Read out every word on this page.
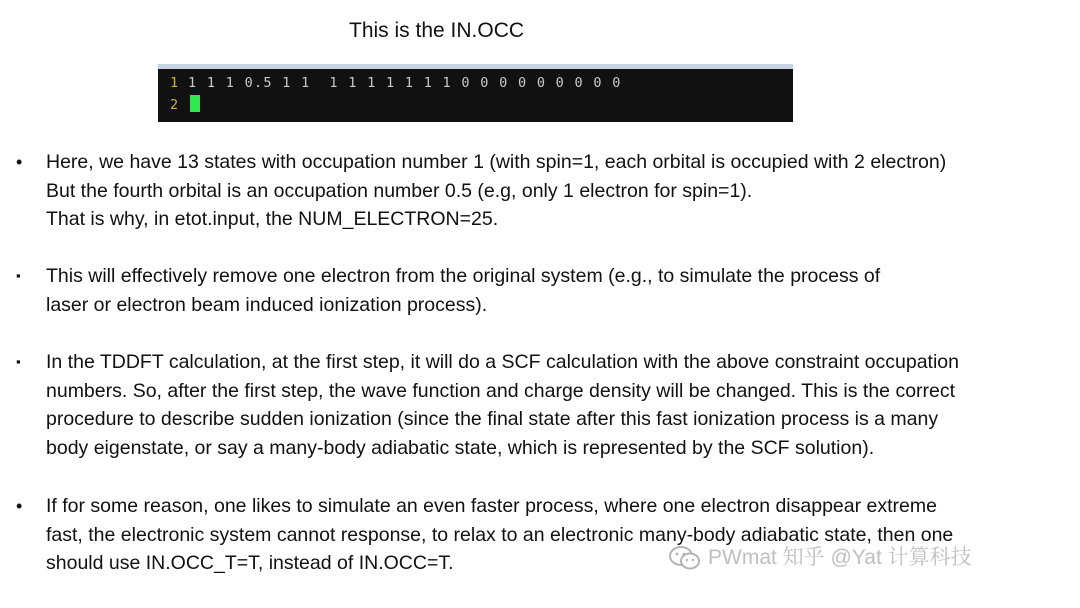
This is the IN.OCC
1 1 1 1 0.5 1 1  1 1 1 1 1 1 1 0 0 0 0 0 0 0 0 0
2
• Here, we have 13 states with occupation number 1 (with spin=1, each orbital is occupied with 2 electron)
But the fourth orbital is an occupation number 0.5 (e.g, only 1 electron for spin=1).
That is why, in etot.input, the NUM_ELECTRON=25.
▪ This will effectively remove one electron from the original system (e.g., to simulate the process of
laser or electron beam induced ionization process).
▪ In the TDDFT calculation, at the first step, it will do a SCF calculation with the above constraint occupation
numbers. So, after the first step, the wave function and charge density will be changed. This is the correct
procedure to describe sudden ionization (since the final state after this fast ionization process is a many
body eigenstate, or say a many-body adiabatic state, which is represented by the SCF solution).
• If for some reason, one likes to simulate an even faster process, where one electron disappear extreme
fast, the electronic system cannot response, to relax to an electronic many-body adiabatic state, then one
should use IN.OCC_T=T, instead of IN.OCC=T.	PWmat 知乎 @Yat 计算科技
